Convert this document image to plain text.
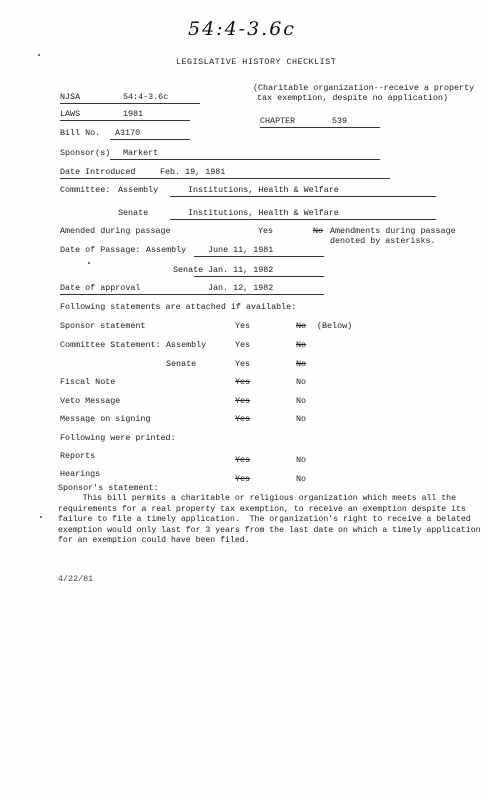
54:4-3.6c
LEGISLATIVE HISTORY CHECKLIST
NJSA	54:4-3.6c
(Charitable organization--receive a property
tax exemption, despite no application)
LAWS	1981
CHAPTER	539
Bill No. A3170
Sponsor(s) Markert
Date Introduced	Feb. 19, 1981
Committee: Assembly	Institutions, Health & Welfare
Senate	Institutions, Health & Welfare
Amended during passage	Yes	No Amendments during passage
denoted by asterisks.
Date of Passage: Assembly	June 11, 1981
Senate Jan. 11, 1982
Date of approval	Jan. 12, 1982
Following statements are attached if available:
Sponsor statement	Yes	No (Below)
Committee Statement: Assembly	Yes	No
Senate	Yes	No
Fiscal Note	Yes	No
Veto Message	Yes	No
Message on signing	Yes	No
Following were printed:
Reports	Yes	No
Hearings	Yes	No
Sponsor's statement:
This bill permits a charitable or religious organization which meets all the
requirements for a real property tax exemption, to receive an exemption despite its
failure to file a timely application.  The organization's right to receive a belated
exemption would only last for 3 years from the last date on which a timely application
for an exemption could have been filed.
4/22/81
